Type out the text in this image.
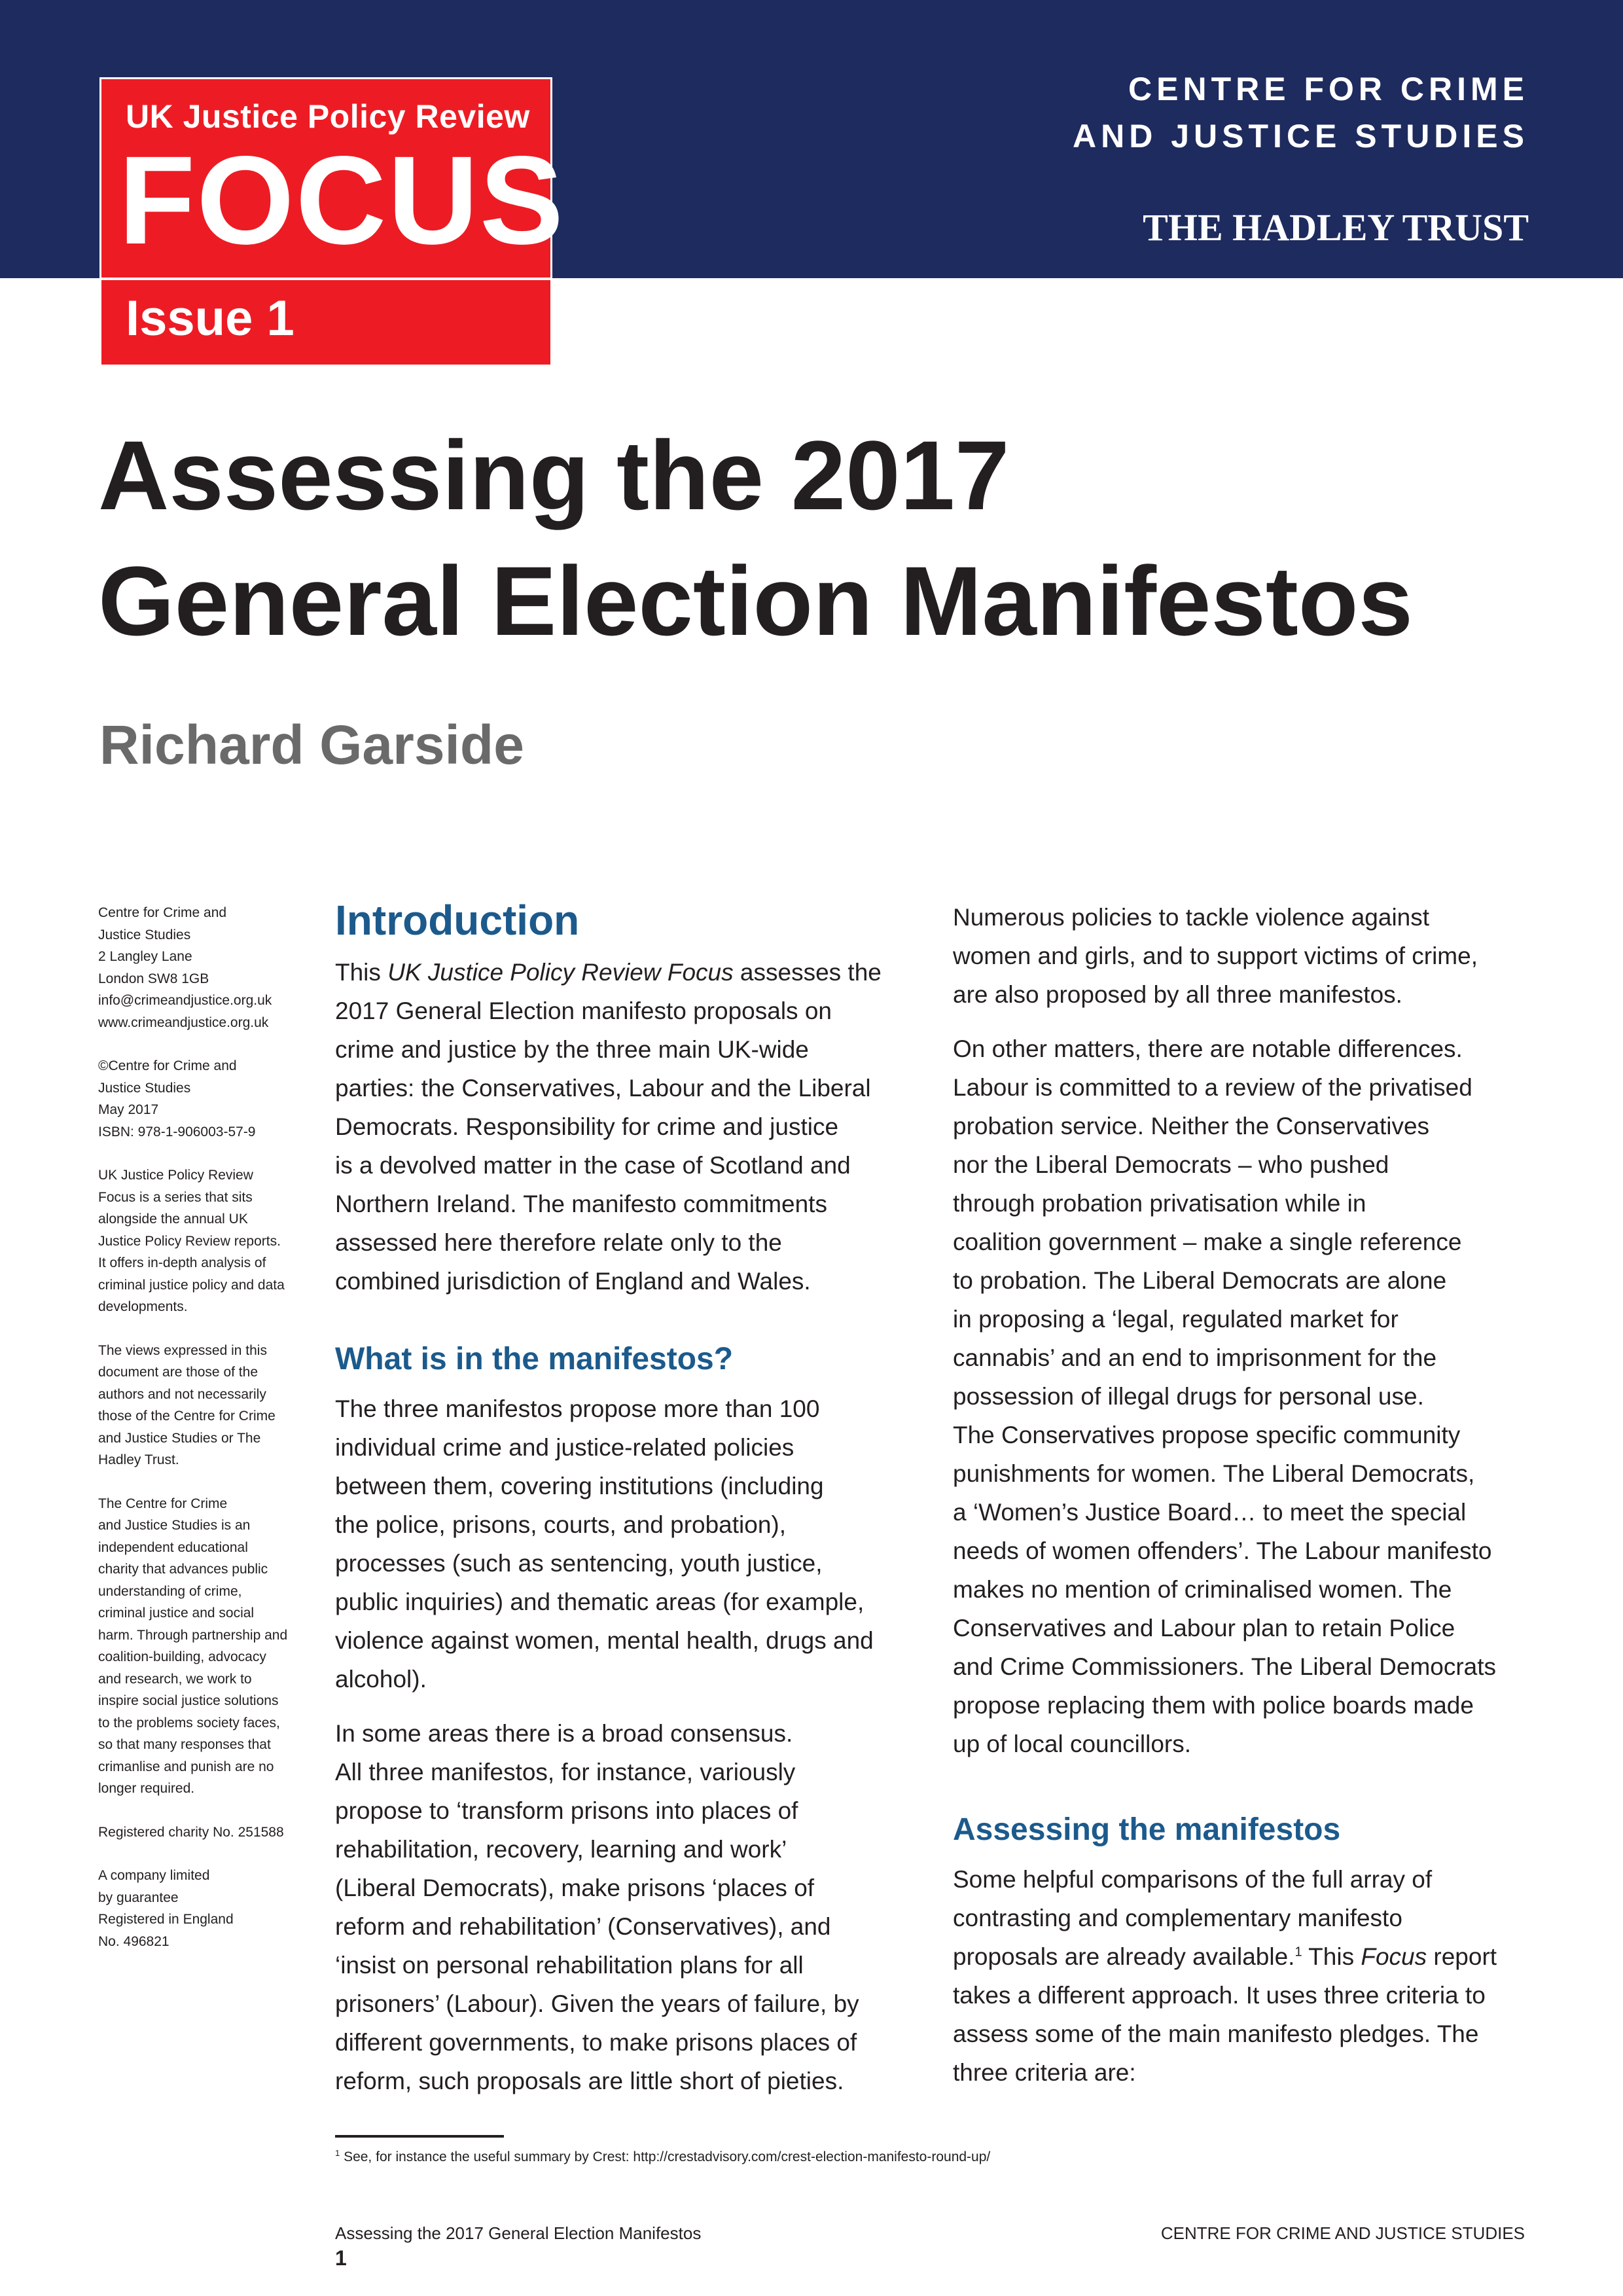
UK Justice Policy Review
FOCUS
Issue 1
CENTRE FOR CRIME
AND JUSTICE STUDIES
THE HADLEY TRUST
Assessing the 2017
General Election Manifestos
Richard Garside

Centre for Crime and
Justice Studies
2 Langley Lane
London SW8 1GB
info@crimeandjustice.org.uk
www.crimeandjustice.org.uk

©Centre for Crime and
Justice Studies
May 2017
ISBN: 978-1-906003-57-9

UK Justice Policy Review
Focus is a series that sits
alongside the annual UK
Justice Policy Review reports.
It offers in-depth analysis of
criminal justice policy and data
developments.

The views expressed in this
document are those of the
authors and not necessarily
those of the Centre for Crime
and Justice Studies or The
Hadley Trust.

The Centre for Crime
and Justice Studies is an
independent educational
charity that advances public
understanding of crime,
criminal justice and social
harm. Through partnership and
coalition-building, advocacy
and research, we work to
inspire social justice solutions
to the problems society faces,
so that many responses that
crimanlise and punish are no
longer required.

Registered charity No. 251588

A company limited
by guarantee
Registered in England
No. 496821

Introduction

This UK Justice Policy Review Focus assesses the
2017 General Election manifesto proposals on
crime and justice by the three main UK-wide
parties: the Conservatives, Labour and the Liberal
Democrats. Responsibility for crime and justice
is a devolved matter in the case of Scotland and
Northern Ireland. The manifesto commitments
assessed here therefore relate only to the
combined jurisdiction of England and Wales.

What is in the manifestos?

The three manifestos propose more than 100
individual crime and justice-related policies
between them, covering institutions (including
the police, prisons, courts, and probation),
processes (such as sentencing, youth justice,
public inquiries) and thematic areas (for example,
violence against women, mental health, drugs and
alcohol).

In some areas there is a broad consensus.
All three manifestos, for instance, variously
propose to ‘transform prisons into places of
rehabilitation, recovery, learning and work’
(Liberal Democrats), make prisons ‘places of
reform and rehabilitation’ (Conservatives), and
‘insist on personal rehabilitation plans for all
prisoners’ (Labour). Given the years of failure, by
different governments, to make prisons places of
reform, such proposals are little short of pieties.

Numerous policies to tackle violence against
women and girls, and to support victims of crime,
are also proposed by all three manifestos.

On other matters, there are notable differences.
Labour is committed to a review of the privatised
probation service. Neither the Conservatives
nor the Liberal Democrats – who pushed
through probation privatisation while in
coalition government – make a single reference
to probation. The Liberal Democrats are alone
in proposing a ‘legal, regulated market for
cannabis’ and an end to imprisonment for the
possession of illegal drugs for personal use.
The Conservatives propose specific community
punishments for women. The Liberal Democrats,
a ‘Women’s Justice Board… to meet the special
needs of women offenders’. The Labour manifesto
makes no mention of criminalised women. The
Conservatives and Labour plan to retain Police
and Crime Commissioners. The Liberal Democrats
propose replacing them with police boards made
up of local councillors.

Assessing the manifestos

Some helpful comparisons of the full array of
contrasting and complementary manifesto
proposals are already available.$^1$ This Focus report
takes a different approach. It uses three criteria to
assess some of the main manifesto pledges. The
three criteria are:

$^1$ See, for instance the useful summary by Crest: http://crestadvisory.com/crest-election-manifesto-round-up/
Assessing the 2017 General Election Manifestos	CENTRE FOR CRIME AND JUSTICE STUDIES
1
